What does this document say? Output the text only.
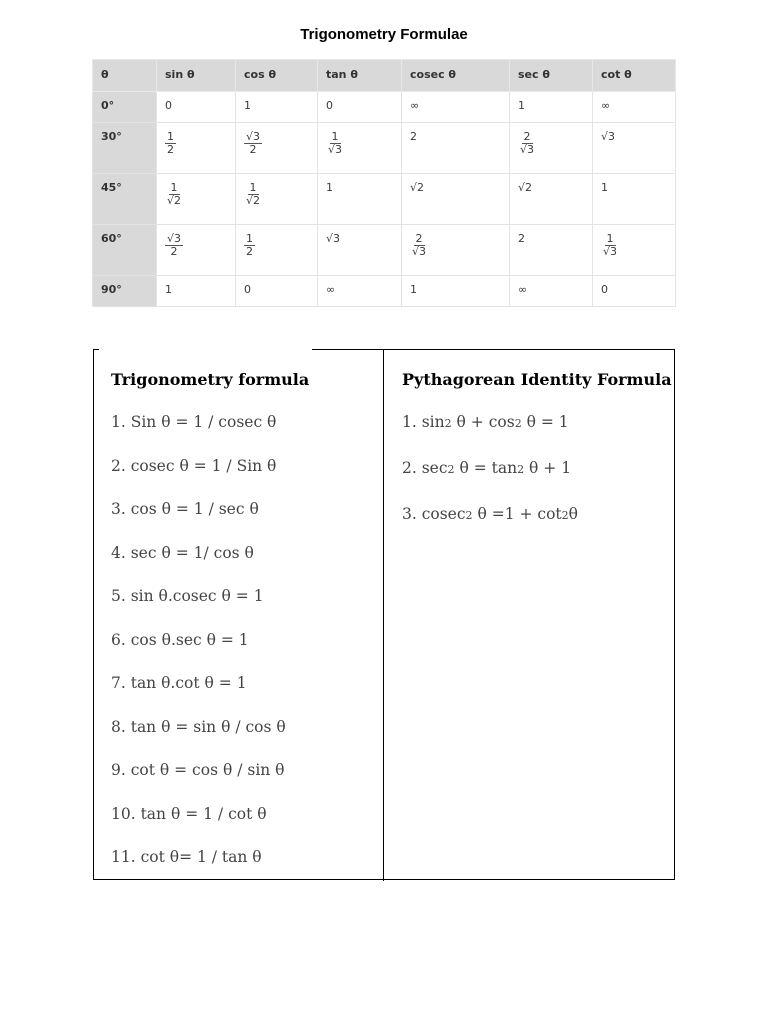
Trigonometry Formulae
θ	sin θ	cos θ	tan θ	cosec θ	sec θ	cot θ
0°	0	1	0	∞	1	∞
30°	$\frac{1}{2}$	$\frac{√3}{2}$	$\frac{1}{√3}$	2	$\frac{2}{√3}$	√3
45°	$\frac{1}{√2}$	$\frac{1}{√2}$	1	√2	√2	1
60°	$\frac{√3}{2}$	$\frac{1}{2}$	√3	$\frac{2}{√3}$	2	$\frac{1}{√3}$

90°	1	0	∞	1	∞	0
Trigonometry formula	Pythagorean Identity Formula
1. Sin θ = 1 / cosec θ
2. cosec θ = 1 / Sin θ
3. cos θ = 1 / sec θ
4. sec θ = 1/ cos θ
5. sin θ.cosec θ = 1
6. cos θ.sec θ = 1
7. tan θ.cot θ = 1
8. tan θ = sin θ / cos θ
9. cot θ = cos θ / sin θ
10. tan θ = 1 / cot θ
11. cot θ= 1 / tan θ
1. sin2 θ + cos2 θ = 1
2. sec2 θ = tan2 θ + 1
3. cosec2 θ =1 + cot2θ
